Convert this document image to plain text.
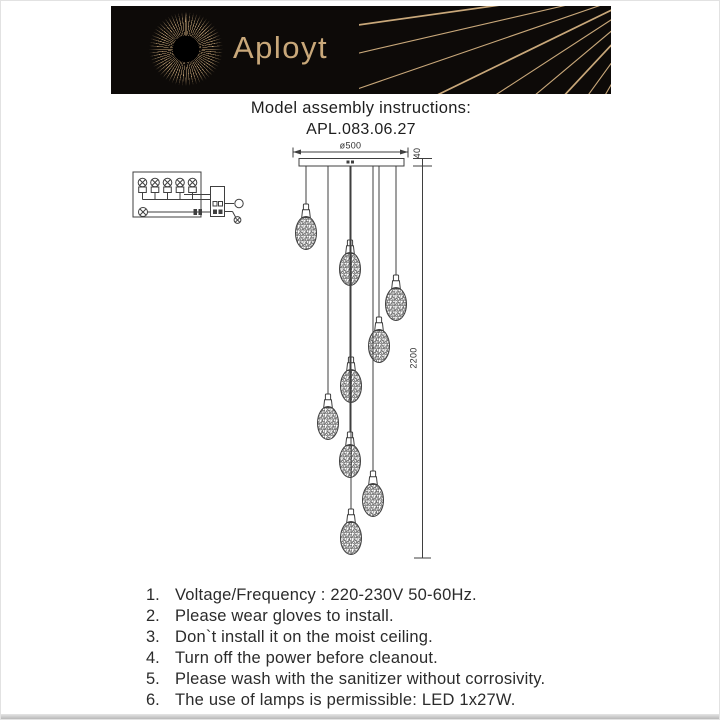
Aployt
Model assembly instructions:
APL.083.06.27
ø500
40
2200
1. Voltage/Frequency : 220-230V 50-60Hz.
2. Please wear gloves to install.
3. Don`t install it on the moist ceiling.
4. Turn off the power before cleanout.
5. Please wash with the sanitizer without corrosivity.
6. The use of lamps is permissible: LED 1x27W.
